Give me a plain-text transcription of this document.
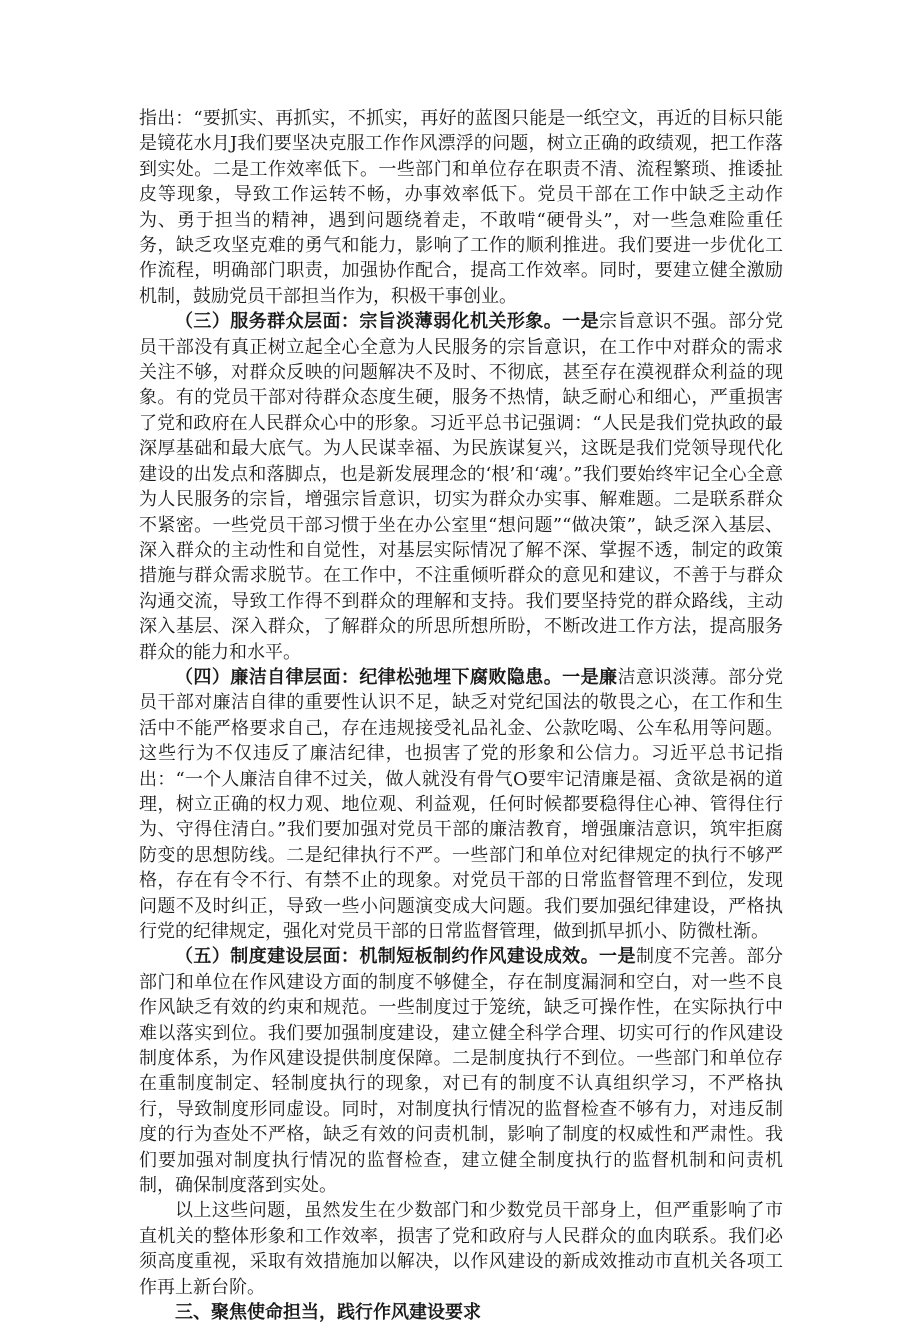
指出：“要抓实、再抓实，不抓实，再好的蓝图只能是一纸空文，再近的目标只能是镜花水月J我们要坚决克服工作作风漂浮的问题，树立正确的政绩观，把工作落到实处。二是工作效率低下。一些部门和单位存在职责不清、流程繁琐、推诿扯皮等现象，导致工作运转不畅，办事效率低下。党员干部在工作中缺乏主动作为、勇于担当的精神，遇到问题绕着走，不敢啃“硬骨头”，对一些急难险重任务，缺乏攻坚克难的勇气和能力，影响了工作的顺利推进。我们要进一步优化工作流程，明确部门职责，加强协作配合，提高工作效率。同时，要建立健全激励机制，鼓励党员干部担当作为，积极干事创业。

（三）服务群众层面：宗旨淡薄弱化机关形象。一是宗旨意识不强。部分党员干部没有真正树立起全心全意为人民服务的宗旨意识，在工作中对群众的需求关注不够，对群众反映的问题解决不及时、不彻底，甚至存在漠视群众利益的现象。有的党员干部对待群众态度生硬，服务不热情，缺乏耐心和细心，严重损害了党和政府在人民群众心中的形象。习近平总书记强调：“人民是我们党执政的最深厚基础和最大底气。为人民谋幸福、为民族谋复兴，这既是我们党领导现代化建设的出发点和落脚点，也是新发展理念的‘根’和‘魂’。”我们要始终牢记全心全意为人民服务的宗旨，增强宗旨意识，切实为群众办实事、解难题。二是联系群众不紧密。一些党员干部习惯于坐在办公室里“想问题”“做决策”，缺乏深入基层、深入群众的主动性和自觉性，对基层实际情况了解不深、掌握不透，制定的政策措施与群众需求脱节。在工作中，不注重倾听群众的意见和建议，不善于与群众沟通交流，导致工作得不到群众的理解和支持。我们要坚持党的群众路线，主动深入基层、深入群众，了解群众的所思所想所盼，不断改进工作方法，提高服务群众的能力和水平。

（四）廉洁自律层面：纪律松弛埋下腐败隐患。一是廉洁意识淡薄。部分党员干部对廉洁自律的重要性认识不足，缺乏对党纪国法的敬畏之心，在工作和生活中不能严格要求自己，存在违规接受礼品礼金、公款吃喝、公车私用等问题。这些行为不仅违反了廉洁纪律，也损害了党的形象和公信力。习近平总书记指出：“一个人廉洁自律不过关，做人就没有骨气O要牢记清廉是福、贪欲是祸的道理，树立正确的权力观、地位观、利益观，任何时候都要稳得住心神、管得住行为、守得住清白。”我们要加强对党员干部的廉洁教育，增强廉洁意识，筑牢拒腐防变的思想防线。二是纪律执行不严。一些部门和单位对纪律规定的执行不够严格，存在有令不行、有禁不止的现象。对党员干部的日常监督管理不到位，发现问题不及时纠正，导致一些小问题演变成大问题。我们要加强纪律建设，严格执行党的纪律规定，强化对党员干部的日常监督管理，做到抓早抓小、防微杜渐。

（五）制度建设层面：机制短板制约作风建设成效。一是制度不完善。部分部门和单位在作风建设方面的制度不够健全，存在制度漏洞和空白，对一些不良作风缺乏有效的约束和规范。一些制度过于笼统，缺乏可操作性，在实际执行中难以落实到位。我们要加强制度建设，建立健全科学合理、切实可行的作风建设制度体系，为作风建设提供制度保障。二是制度执行不到位。一些部门和单位存在重制度制定、轻制度执行的现象，对已有的制度不认真组织学习，不严格执行，导致制度形同虚设。同时，对制度执行情况的监督检查不够有力，对违反制度的行为查处不严格，缺乏有效的问责机制，影响了制度的权威性和严肃性。我们要加强对制度执行情况的监督检查，建立健全制度执行的监督机制和问责机制，确保制度落到实处。

以上这些问题，虽然发生在少数部门和少数党员干部身上，但严重影响了市直机关的整体形象和工作效率，损害了党和政府与人民群众的血肉联系。我们必须高度重视，采取有效措施加以解决，以作风建设的新成效推动市直机关各项工作再上新台阶。

三、聚焦使命担当，践行作风建设要求
